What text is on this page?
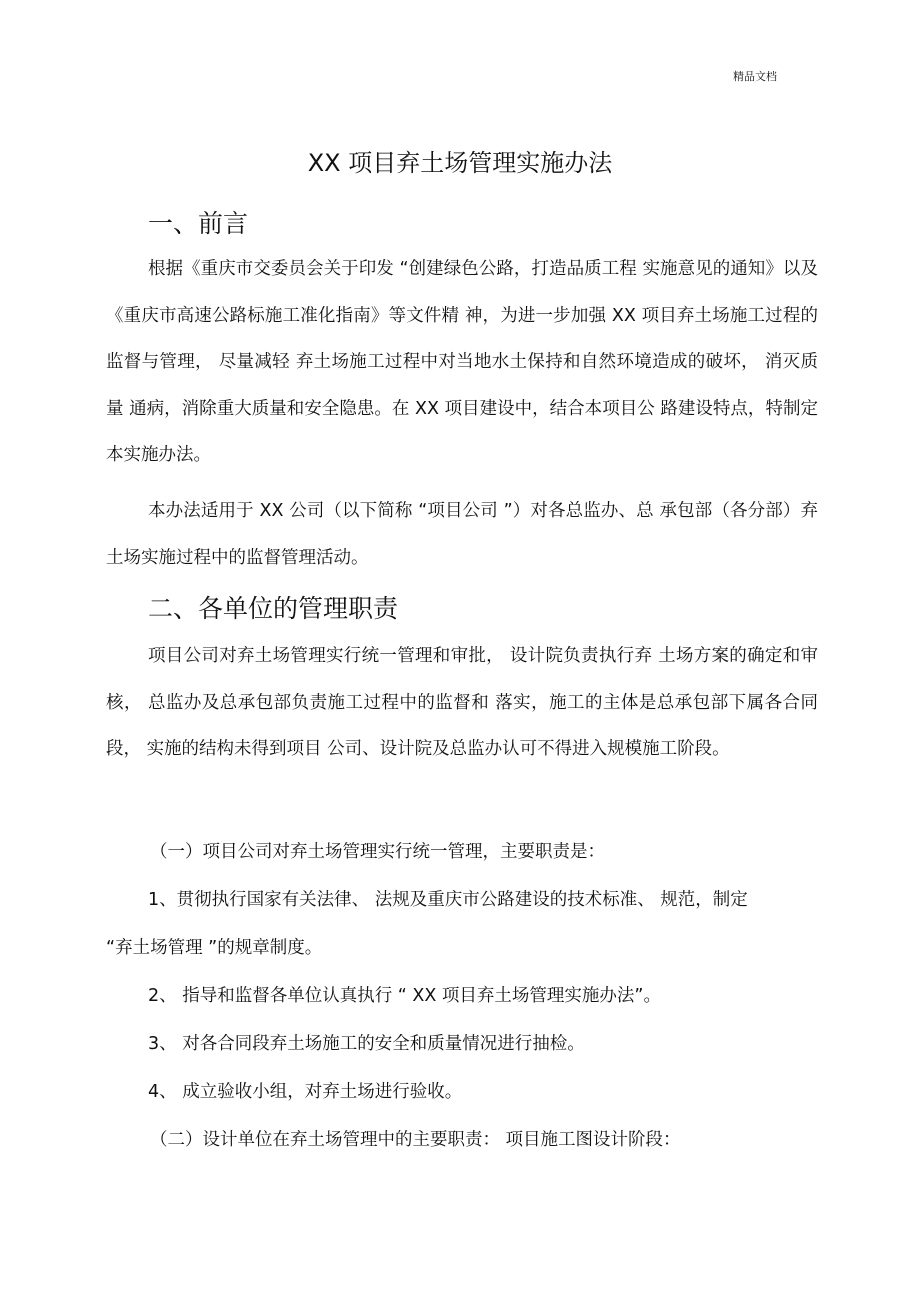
精品文档
XX 项目弃土场管理实施办法
一、前言

根据《重庆市交委员会关于印发 “创建绿色公路，打造品质工程 实施意见的通知》以及《重庆市高速公路标施工准化指南》等文件精 神，为进一步加强 XX 项目弃土场施工过程的监督与管理， 尽量减轻 弃土场施工过程中对当地水土保持和自然环境造成的破坏， 消灭质量 通病，消除重大质量和安全隐患。在 XX 项目建设中，结合本项目公 路建设特点，特制定本实施办法。

本办法适用于 XX 公司（以下简称 “项目公司 ”）对各总监办、总 承包部（各分部）弃土场实施过程中的监督管理活动。

二、各单位的管理职责

项目公司对弃土场管理实行统一管理和审批， 设计院负责执行弃 土场方案的确定和审核， 总监办及总承包部负责施工过程中的监督和 落实，施工的主体是总承包部下属各合同段， 实施的结构未得到项目 公司、设计院及总监办认可不得进入规模施工阶段。

（一）项目公司对弃土场管理实行统一管理，主要职责是：

1、贯彻执行国家有关法律、 法规及重庆市公路建设的技术标准、 规范，制定

“弃土场管理 ”的规章制度。

2、 指导和监督各单位认真执行 “ XX 项目弃土场管理实施办法”。

3、 对各合同段弃土场施工的安全和质量情况进行抽检。

4、 成立验收小组，对弃土场进行验收。

（二）设计单位在弃土场管理中的主要职责： 项目施工图设计阶段：
